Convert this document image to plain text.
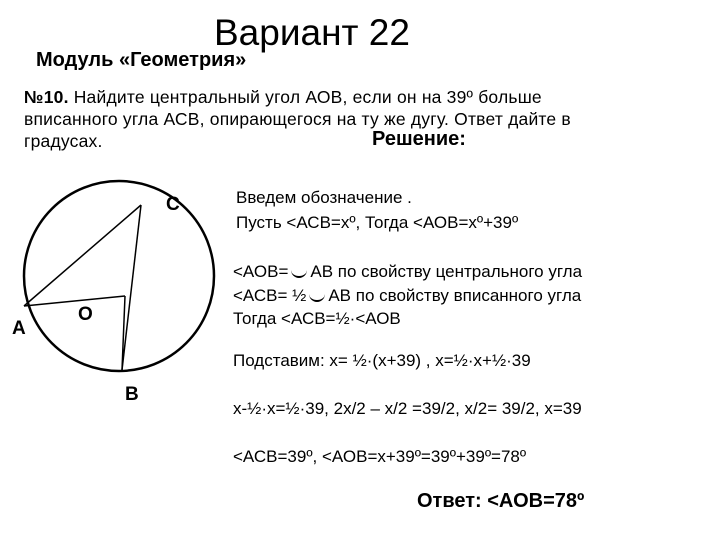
Вариант 22
Модуль «Геометрия»
№10. Найдите центральный угол АОВ, если он на 39º больше
вписанного угла АСВ, опирающегося на ту же дугу. Ответ дайте в
градусах.	Решение:
Введем обозначение .
Пусть <АСВ=хº, Тогда <АОВ=хº+39º
<АОВ= АВ по свойству центрального угла
<АСВ= ½ АВ по свойству вписанного угла
Тогда <АСВ=½·<АОВ
Подставим: х= ½·(х+39) , х=½·х+½·39
х-½·х=½·39, 2х/2 – х/2 =39/2, х/2= 39/2, х=39
<АСВ=39º, <АОВ=х+39º=39º+39º=78º
Ответ: <АОВ=78º
C
O
A
B
